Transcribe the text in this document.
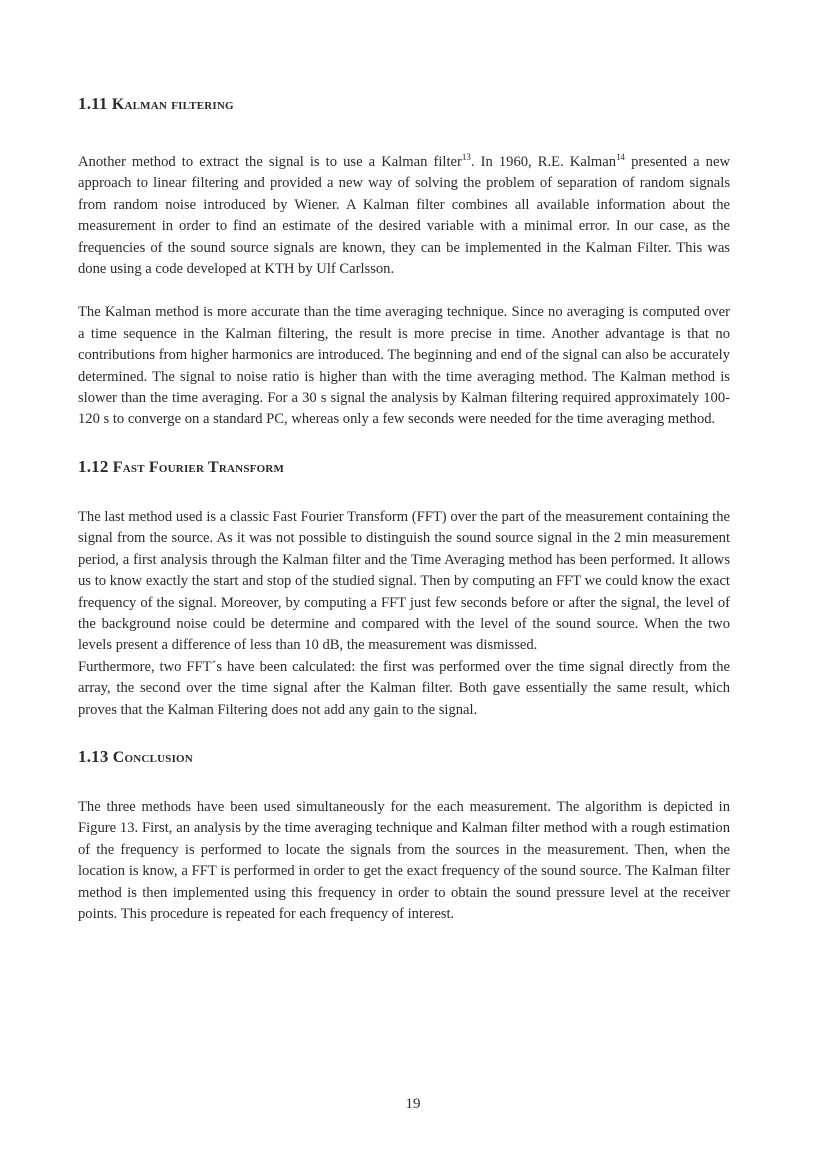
1.11 Kalman filtering

Another method to extract the signal is to use a Kalman filter$^{13}$. In 1960, R.E. Kalman$^{14}$ presented a new approach to linear filtering and provided a new way of solving the problem of separation of random signals from random noise introduced by Wiener. A Kalman filter combines all available information about the measurement in order to find an estimate of the desired variable with a minimal error. In our case, as the frequencies of the sound source signals are known, they can be implemented in the Kalman Filter. This was done using a code developed at KTH by Ulf Carlsson.

The Kalman method is more accurate than the time averaging technique. Since no averaging is computed over a time sequence in the Kalman filtering, the result is more precise in time. Another advantage is that no contributions from higher harmonics are introduced. The beginning and end of the signal can also be accurately determined. The signal to noise ratio is higher than with the time averaging method. The Kalman method is slower than the time averaging. For a 30 s signal the analysis by Kalman filtering required approximately 100-120 s to converge on a standard PC, whereas only a few seconds were needed for the time averaging method.

1.12 Fast Fourier Transform

The last method used is a classic Fast Fourier Transform (FFT) over the part of the measurement containing the signal from the source. As it was not possible to distinguish the sound source signal in the 2 min measurement period, a first analysis through the Kalman filter and the Time Averaging method has been performed. It allows us to know exactly the start and stop of the studied signal. Then by computing an FFT we could know the exact frequency of the signal. Moreover, by computing a FFT just few seconds before or after the signal, the level of the background noise could be determine and compared with the level of the sound source. When the two levels present a difference of less than 10 dB, the measurement was dismissed.

Furthermore, two FFT´s have been calculated: the first was performed over the time signal directly from the array, the second over the time signal after the Kalman filter. Both gave essentially the same result, which proves that the Kalman Filtering does not add any gain to the signal.

1.13 Conclusion

The three methods have been used simultaneously for the each measurement. The algorithm is depicted in Figure 13. First, an analysis by the time averaging technique and Kalman filter method with a rough estimation of the frequency is performed to locate the signals from the sources in the measurement. Then, when the location is know, a FFT is performed in order to get the exact frequency of the sound source. The Kalman filter method is then implemented using this frequency in order to obtain the sound pressure level at the receiver points. This procedure is repeated for each frequency of interest.

19
